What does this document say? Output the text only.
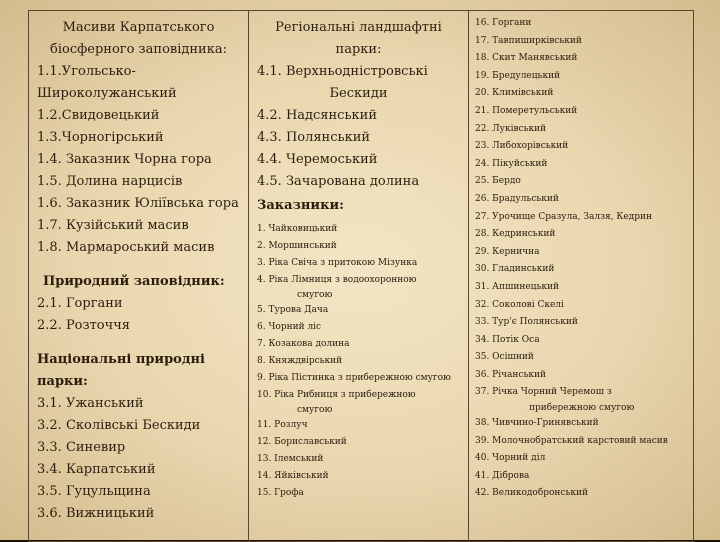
Масиви Карпатського

біосферного заповідника:

1.1.Угольсько-

Широколужанський

1.2.Свидовецький

1.3.Чорногірський

1.4. Заказник Чорна гора

1.5. Долина нарцисів

1.6. Заказник Юліївська гора

1.7. Кузійський масив

1.8. Мармароський масив

Природний заповідник:

2.1. Горгани

2.2. Розточчя

Національні природні

парки:

3.1. Ужанський

3.2. Сколівські Бескиди

3.3. Синевир

3.4. Карпатський

3.5. Гуцульщина

3.6. Вижницький

Регіональні ландшафтні

парки:

4.1. Верхньодністровські

Бескиди

4.2. Надсянський

4.3. Полянський

4.4. Черемоський

4.5. Зачарована долина

Заказники:

1. Чайковицький

2. Моршинський

3. Ріка Свіча з притокою Мізунка

4. Ріка Лімниця з водоохоронною

смугою

5. Турова Дача

6. Чорний ліс

7. Козакова долина

8. Княждвірський

9. Ріка Пістинка з прибережною смугою

10. Ріка Рибниця з прибережною

смугою

11. Розлуч

12. Бориславський

13. Ілемський

14. Яйківський

15. Грофа

16. Горгани

17. Тавпиширківський

18. Скит Манявський

19. Бредулецький

20. Климівський

21. Померетульський

22. Луківський

23. Либохорівський

24. Пікуйський

25. Бердо

26. Брадульський

27. Урочище Сразула, Залзя, Кедрин

28. Кедринський

29. Кернична

30. Гладинський

31. Апшинецький

32. Соколові Скелі

33. Тур'є Полянський

34. Потік Оса

35. Осішний

36. Річанський

37. Річка Чорний Черемош з

прибережною смугою

38. Чивчино-Гринявський

39. Молочнобратський карстовий масив

40. Чорний діл

41. Діброва

42. Великодобронський
